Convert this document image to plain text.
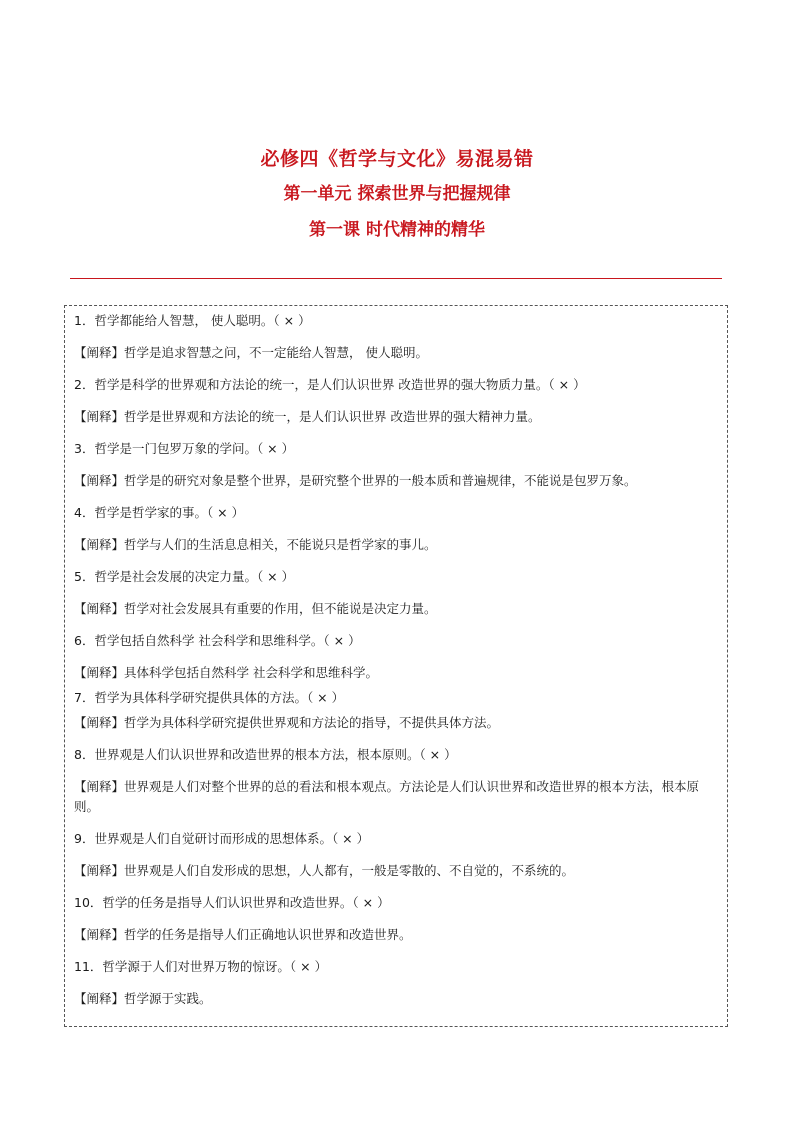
必修四《哲学与文化》易混易错
第一单元 探索世界与把握规律
第一课 时代精神的精华
1．哲学都能给人智慧， 使人聪明。（ × ）
【阐释】哲学是追求智慧之问，不一定能给人智慧， 使人聪明。
2．哲学是科学的世界观和方法论的统一，是人们认识世界 改造世界的强大物质力量。（ × ）
【阐释】哲学是世界观和方法论的统一，是人们认识世界 改造世界的强大精神力量。
3．哲学是一门包罗万象的学问。（ × ）
【阐释】哲学是的研究对象是整个世界，是研究整个世界的一般本质和普遍规律，不能说是包罗万象。
4．哲学是哲学家的事。（ × ）
【阐释】哲学与人们的生活息息相关，不能说只是哲学家的事儿。
5．哲学是社会发展的决定力量。（ × ）
【阐释】哲学对社会发展具有重要的作用，但不能说是决定力量。
6．哲学包括自然科学 社会科学和思维科学。（ × ）
【阐释】具体科学包括自然科学 社会科学和思维科学。
7．哲学为具体科学研究提供具体的方法。（ × ）
【阐释】哲学为具体科学研究提供世界观和方法论的指导，不提供具体方法。
8．世界观是人们认识世界和改造世界的根本方法，根本原则。（ × ）
【阐释】世界观是人们对整个世界的总的看法和根本观点。方法论是人们认识世界和改造世界的根本方法，根本原则。
9．世界观是人们自觉研讨而形成的思想体系。（ × ）
【阐释】世界观是人们自发形成的思想，人人都有，一般是零散的、不自觉的，不系统的。
10．哲学的任务是指导人们认识世界和改造世界。（ × ）
【阐释】哲学的任务是指导人们正确地认识世界和改造世界。
11．哲学源于人们对世界万物的惊讶。（ × ）
【阐释】哲学源于实践。
